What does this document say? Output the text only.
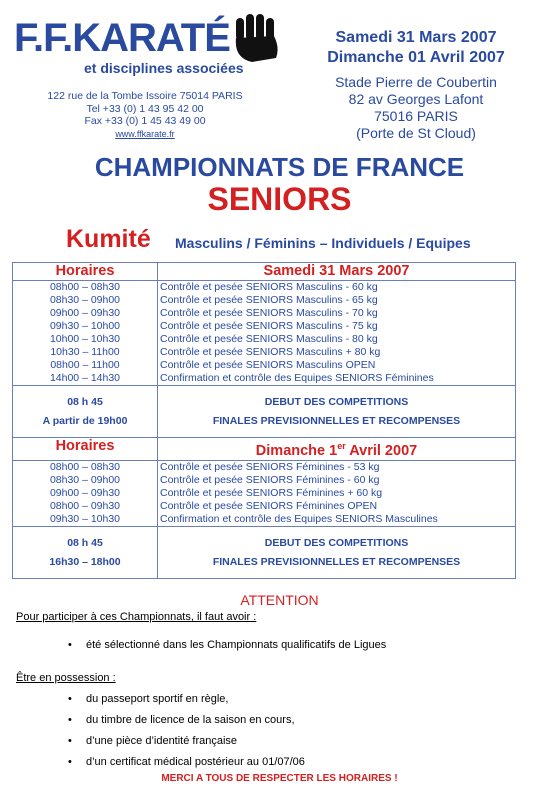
F.F.KARATÉ
et disciplines associées
122 rue de la Tombe Issoire 75014 PARIS
Tel +33 (0) 1 43 95 42 00
Fax +33 (0) 1 45 43 49 00
www.ffkarate.fr
Samedi 31 Mars 2007
Dimanche 01 Avril 2007
Stade Pierre de Coubertin
82 av Georges Lafont
75016 PARIS
(Porte de St Cloud)
CHAMPIONNATS DE FRANCE
SENIORS
Kumité Masculins / Féminins – Individuels / Equipes
Horaires	Samedi 31 Mars 2007
08h00 – 08h30	Contrôle et pesée SENIORS Masculins - 60 kg
08h30 – 09h00	Contrôle et pesée SENIORS Masculins - 65 kg
09h00 – 09h30	Contrôle et pesée SENIORS Masculins - 70 kg
09h30 – 10h00	Contrôle et pesée SENIORS Masculins - 75 kg
10h00 – 10h30	Contrôle et pesée SENIORS Masculins - 80 kg
10h30 – 11h00	Contrôle et pesée SENIORS Masculins + 80 kg
08h00 – 11h00	Contrôle et pesée SENIORS Masculins OPEN
14h00 – 14h30	Confirmation et contrôle des Equipes SENIORS Féminines
08 h 45	DEBUT DES COMPETITIONS
A partir de 19h00	FINALES PREVISIONNELLES ET RECOMPENSES
Horaires	Dimanche 1er Avril 2007
08h00 – 08h30	Contrôle et pesée SENIORS Féminines - 53 kg
08h30 – 09h00	Contrôle et pesée SENIORS Féminines - 60 kg
09h00 – 09h30	Contrôle et pesée SENIORS Féminines + 60 kg
08h00 – 09h30	Contrôle et pesée SENIORS Féminines OPEN
09h30 – 10h30	Confirmation et contrôle des Equipes SENIORS Masculines
08 h 45	DEBUT DES COMPETITIONS
16h30 – 18h00	FINALES PREVISIONNELLES ET RECOMPENSES
ATTENTION
Pour participer à ces Championnats, il faut avoir :
• été sélectionné dans les Championnats qualificatifs de Ligues
Être en possession :
• du passeport sportif en règle,
• du timbre de licence de la saison en cours,
• d’une pièce d’identité française
• d’un certificat médical postérieur au 01/07/06
MERCI A TOUS DE RESPECTER LES HORAIRES !
